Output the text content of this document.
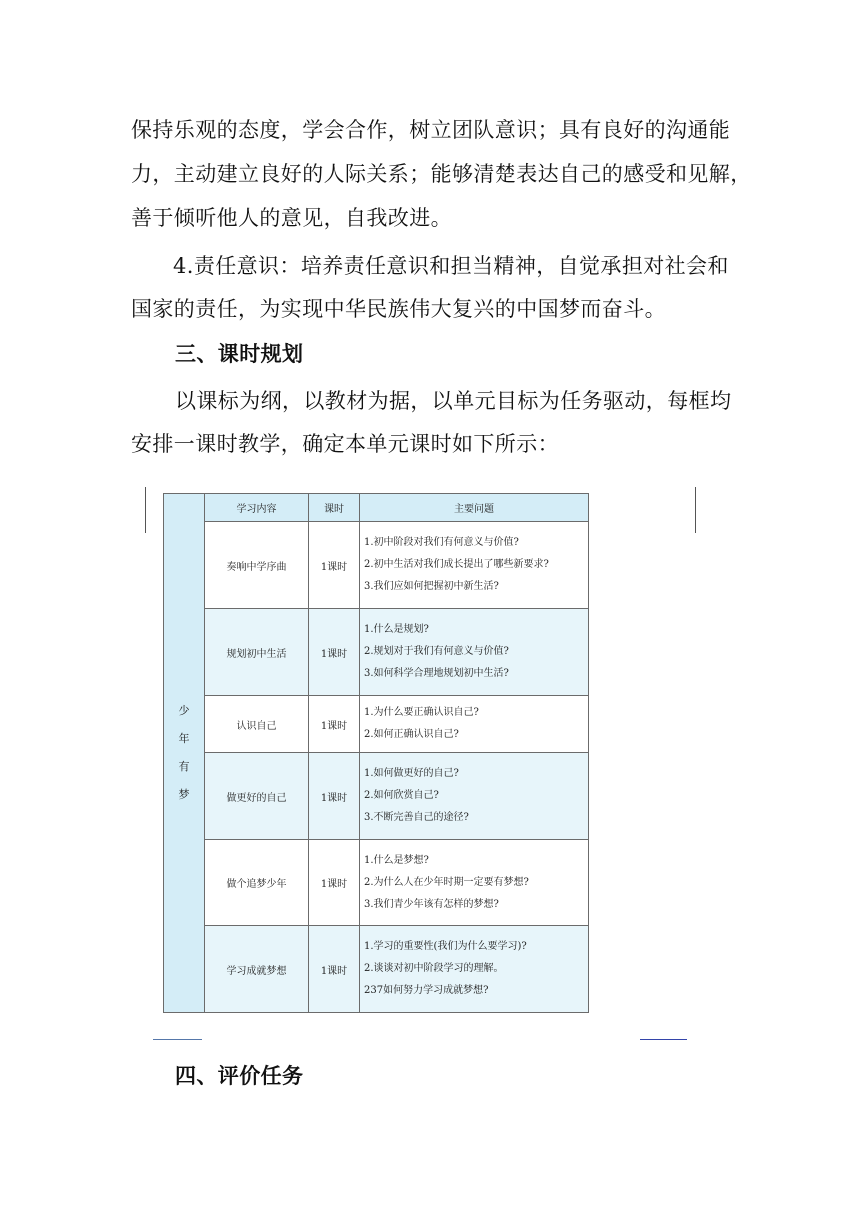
保持乐观的态度，学会合作，树立团队意识；具有良好的沟通能
力，主动建立良好的人际关系；能够清楚表达自己的感受和见解，
善于倾听他人的意见，自我改进。
4.责任意识：培养责任意识和担当精神，自觉承担对社会和
国家的责任，为实现中华民族伟大复兴的中国梦而奋斗。
三、课时规划
以课标为纲，以教材为据，以单元目标为任务驱动，每框均
安排一课时教学，确定本单元课时如下所示：
少
年
有
梦	学习内容	课时	主要问题
	奏响中学序曲	1课时	1.初中阶段对我们有何意义与价值?
2.初中生活对我们成长提出了哪些新要求?
3.我们应如何把握初中新生活?

	规划初中生活	1课时	1.什么是规划?
2.规划对于我们有何意义与价值?
3.如何科学合理地规划初中生活?

	认识自己	1课时	1.为什么要正确认识自己?
2.如何正确认识自己?

	做更好的自己	1课时	1.如何做更好的自己?
2.如何欣赏自己?
3.不断完善自己的途径?

	做个追梦少年	1课时	1.什么是梦想?
2.为什么人在少年时期一定要有梦想?
3.我们青少年该有怎样的梦想?

	学习成就梦想	1课时	1.学习的重要性(我们为什么要学习)?
2.谈谈对初中阶段学习的理解。
237如何努力学习成就梦想?
四、评价任务
